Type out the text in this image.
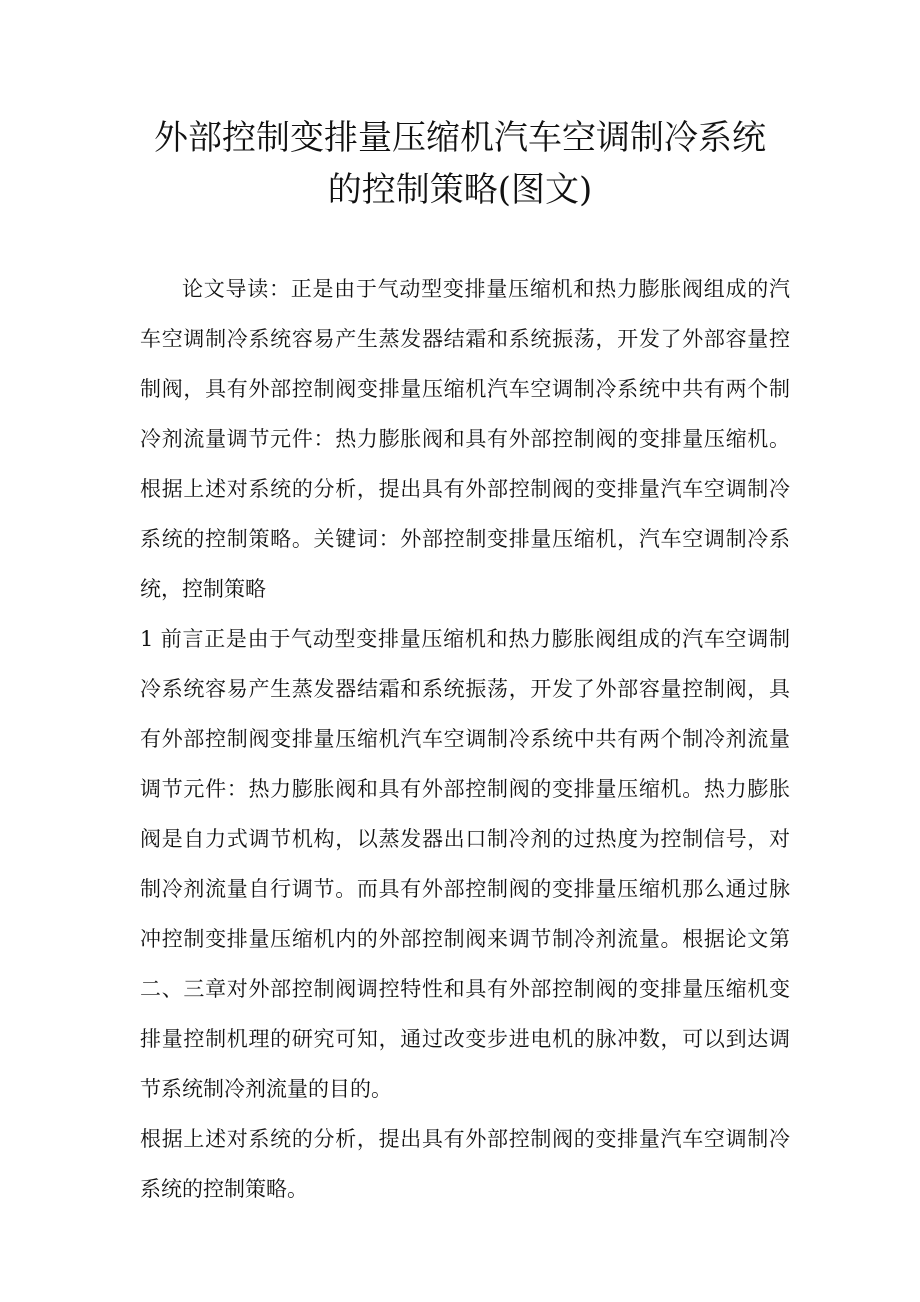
外部控制变排量压缩机汽车空调制冷系统
的控制策略(图文)

论文导读：正是由于气动型变排量压缩机和热力膨胀阀组成的汽车空调制冷系统容易产生蒸发器结霜和系统振荡，开发了外部容量控制阀，具有外部控制阀变排量压缩机汽车空调制冷系统中共有两个制冷剂流量调节元件：热力膨胀阀和具有外部控制阀的变排量压缩机。根据上述对系统的分析，提出具有外部控制阀的变排量汽车空调制冷系统的控制策略。关键词：外部控制变排量压缩机，汽车空调制冷系统，控制策略

1 前言正是由于气动型变排量压缩机和热力膨胀阀组成的汽车空调制冷系统容易产生蒸发器结霜和系统振荡，开发了外部容量控制阀，具有外部控制阀变排量压缩机汽车空调制冷系统中共有两个制冷剂流量调节元件：热力膨胀阀和具有外部控制阀的变排量压缩机。热力膨胀阀是自力式调节机构，以蒸发器出口制冷剂的过热度为控制信号，对制冷剂流量自行调节。而具有外部控制阀的变排量压缩机那么通过脉冲控制变排量压缩机内的外部控制阀来调节制冷剂流量。根据论文第二、三章对外部控制阀调控特性和具有外部控制阀的变排量压缩机变排量控制机理的研究可知，通过改变步进电机的脉冲数，可以到达调节系统制冷剂流量的目的。

根据上述对系统的分析，提出具有外部控制阀的变排量汽车空调制冷系统的控制策略。
